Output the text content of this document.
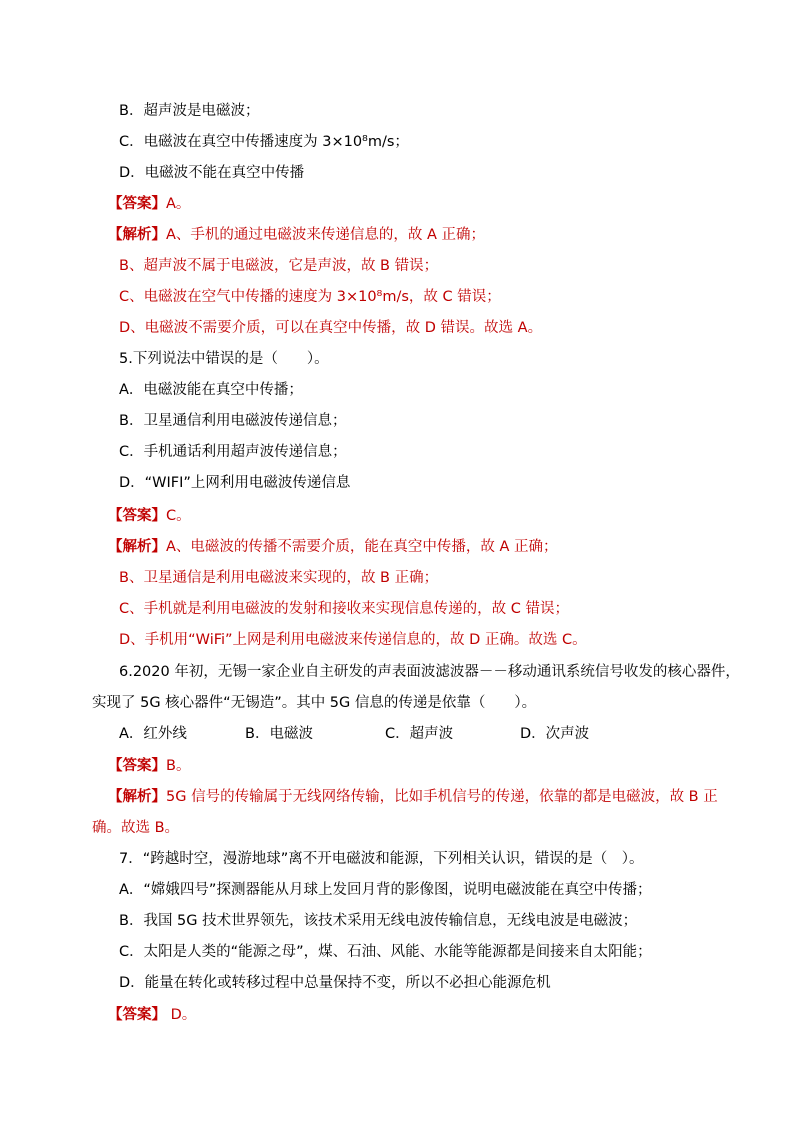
B．超声波是电磁波；
C．电磁波在真空中传播速度为 3×10⁸m/s；
D．电磁波不能在真空中传播
【答案】A。
【解析】A、手机的通过电磁波来传递信息的，故 A 正确；
B、超声波不属于电磁波，它是声波，故 B 错误；
C、电磁波在空气中传播的速度为 3×10⁸m/s，故 C 错误；
D、电磁波不需要介质，可以在真空中传播，故 D 错误。故选 A。
5.下列说法中错误的是（　　）。
A．电磁波能在真空中传播；
B．卫星通信利用电磁波传递信息；
C．手机通话利用超声波传递信息；
D．“WIFI”上网利用电磁波传递信息
【答案】C。
【解析】A、电磁波的传播不需要介质，能在真空中传播，故 A 正确；
B、卫星通信是利用电磁波来实现的，故 B 正确；
C、手机就是利用电磁波的发射和接收来实现信息传递的，故 C 错误；
D、手机用“WiFi”上网是利用电磁波来传递信息的，故 D 正确。故选 C。
6.2020 年初，无锡一家企业自主研发的声表面波滤波器－－移动通讯系统信号收发的核心器件，
实现了 5G 核心器件“无锡造”。其中 5G 信息的传递是依靠（　　）。
A．红外线	B．电磁波	C．超声波	D．次声波
【答案】B。
【解析】5G 信号的传输属于无线网络传输，比如手机信号的传递，依靠的都是电磁波，故 B 正
确。故选 B。
7．“跨越时空，漫游地球”离不开电磁波和能源，下列相关认识，错误的是（　）。
A．“嫦娥四号”探测器能从月球上发回月背的影像图，说明电磁波能在真空中传播；
B．我国 5G 技术世界领先，该技术采用无线电波传输信息，无线电波是电磁波；
C．太阳是人类的“能源之母”，煤、石油、风能、水能等能源都是间接来自太阳能；
D．能量在转化或转移过程中总量保持不变，所以不必担心能源危机
【答案】 D。
